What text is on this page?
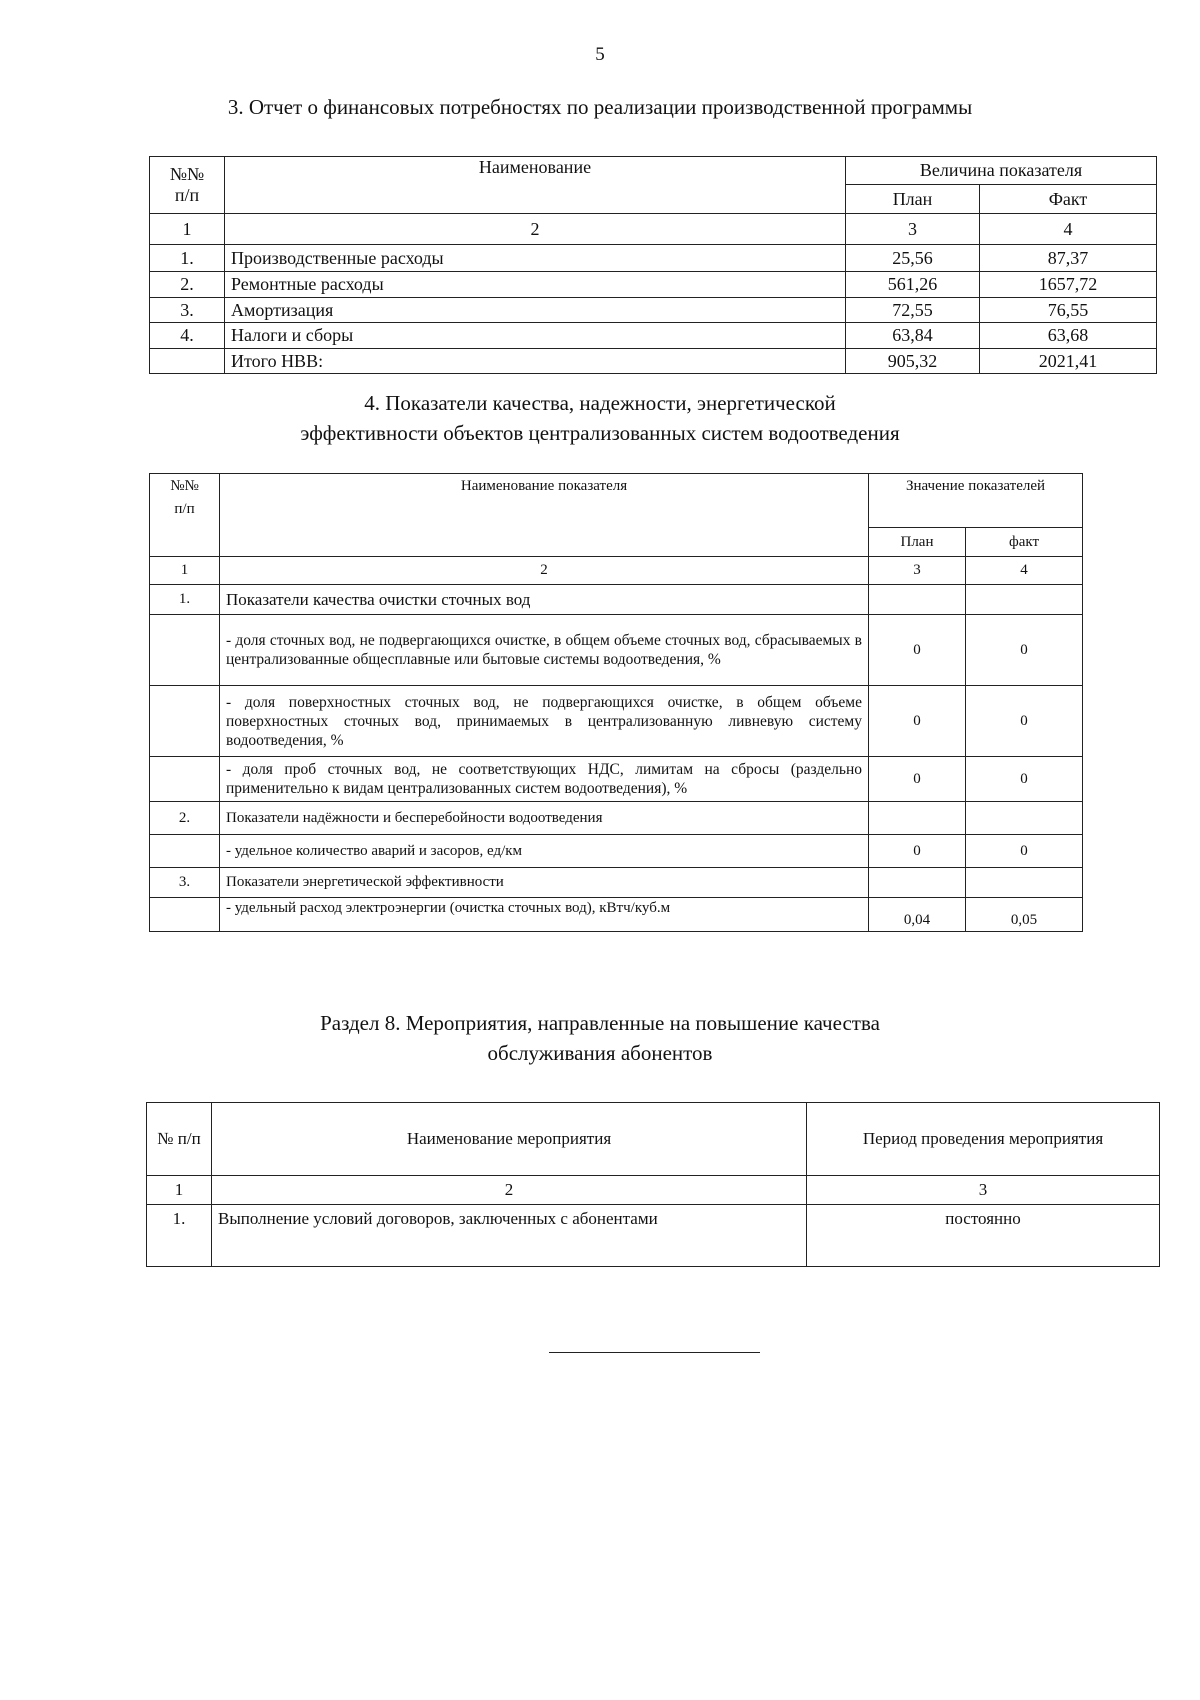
5
3. Отчет о финансовых потребностях по реализации производственной программы
№№
п/п	Наименование	Величина показателя	
		План	Факт
1	2	3	4
1.	Производственные расходы	25,56	87,37
2.	Ремонтные расходы	561,26	1657,72
3.	Амортизация	72,55	76,55
4.	Налоги и сборы	63,84	63,68
	Итого НВВ:	905,32	2021,41
4. Показатели качества, надежности, энергетической
эффективности объектов централизованных систем водоотведения
№№
п/п	Наименование показателя	Значение показателей	
		План	факт
1	2	3	4
1.	Показатели качества очистки сточных вод		
	- доля сточных вод, не подвергающихся очистке, в общем объеме сточных вод, сбрасываемых в централизованные общесплавные или бытовые системы водоотведения, %	0	0
	- доля поверхностных сточных вод, не подвергающихся очистке, в общем объеме поверхностных сточных вод, принимаемых в централизованную ливневую систему водоотведения, %	0	0
	- доля проб сточных вод, не соответствующих НДС, лимитам на сбросы (раздельно применительно к видам централизованных систем водоотведения), %	0	0
2.	Показатели надёжности и бесперебойности водоотведения		
	- удельное количество аварий и засоров, ед/км	0	0
3.	Показатели энергетической эффективности		
	- удельный расход электроэнергии (очистка сточных вод), кВтч/куб.м	0,04	0,05
Раздел 8. Мероприятия, направленные на повышение качества
обслуживания абонентов
№ п/п	Наименование мероприятия	Период проведения мероприятия
1	2	3
1.	Выполнение условий договоров, заключенных с абонентами	постоянно
